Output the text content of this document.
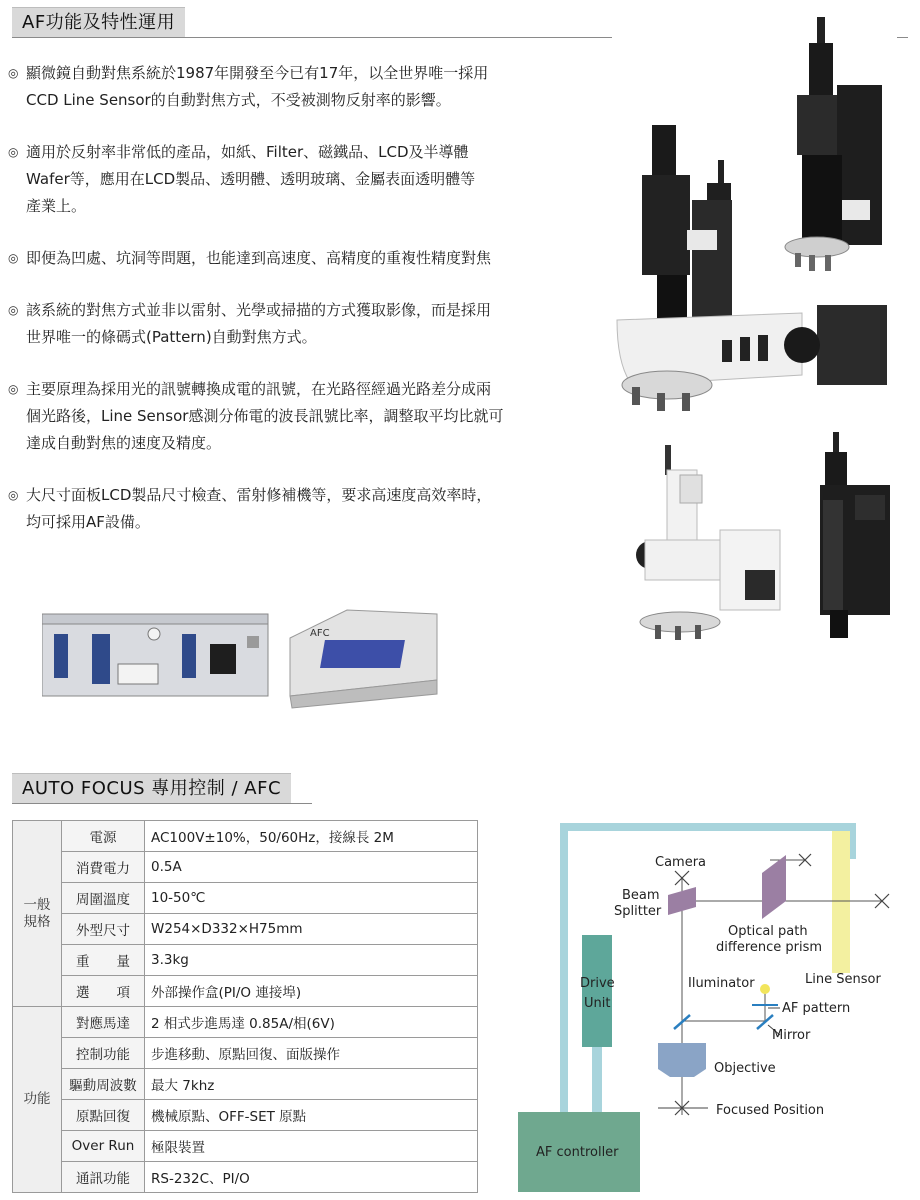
AF功能及特性運用
◎ 顯微鏡自動對焦系統於1987年開發至今已有17年，以全世界唯一採用
CCD Line Sensor的自動對焦方式，不受被測物反射率的影響。
◎ 適用於反射率非常低的產品，如紙、Filter、磁鐵品、LCD及半導體
Wafer等，應用在LCD製品、透明體、透明玻璃、金屬表面透明體等
產業上。
◎ 即便為凹處、坑洞等問題，也能達到高速度、高精度的重複性精度對焦
◎ 該系統的對焦方式並非以雷射、光學或掃描的方式獲取影像，而是採用
世界唯一的條碼式(Pattern)自動對焦方式。
◎ 主要原理為採用光的訊號轉換成電的訊號，在光路徑經過光路差分成兩
個光路後，Line Sensor感測分佈電的波長訊號比率，調整取平均比就可
達成自動對焦的速度及精度。
◎ 大尺寸面板LCD製品尺寸檢查、雷射修補機等，要求高速度高效率時，
均可採用AF設備。
AFC
AUTO FOCUS 專用控制 / AFC
一般
規格	電源	AC100V±10%，50/60Hz，接線長 2M
	消費電力	0.5A
	周圍溫度	10-50℃
	外型尺寸	W254×D332×H75mm
	重　　量	3.3kg
	選　　項	外部操作盒(PI/O 連接埠)
功能	對應馬達	2 相式步進馬達 0.85A/相(6V)
	控制功能	步進移動、原點回復、面版操作
	驅動周波數	最大 7khz
	原點回復	機械原點、OFF-SET 原點
	Over Run	極限裝置
	通訊功能	RS-232C、PI/O
Line Sensor
Drive
Unit
AF controller
Camera
Beam
Splitter
Optical path
difference prism
Iluminator
AF pattern
Mirror
Objective
Focused Position
